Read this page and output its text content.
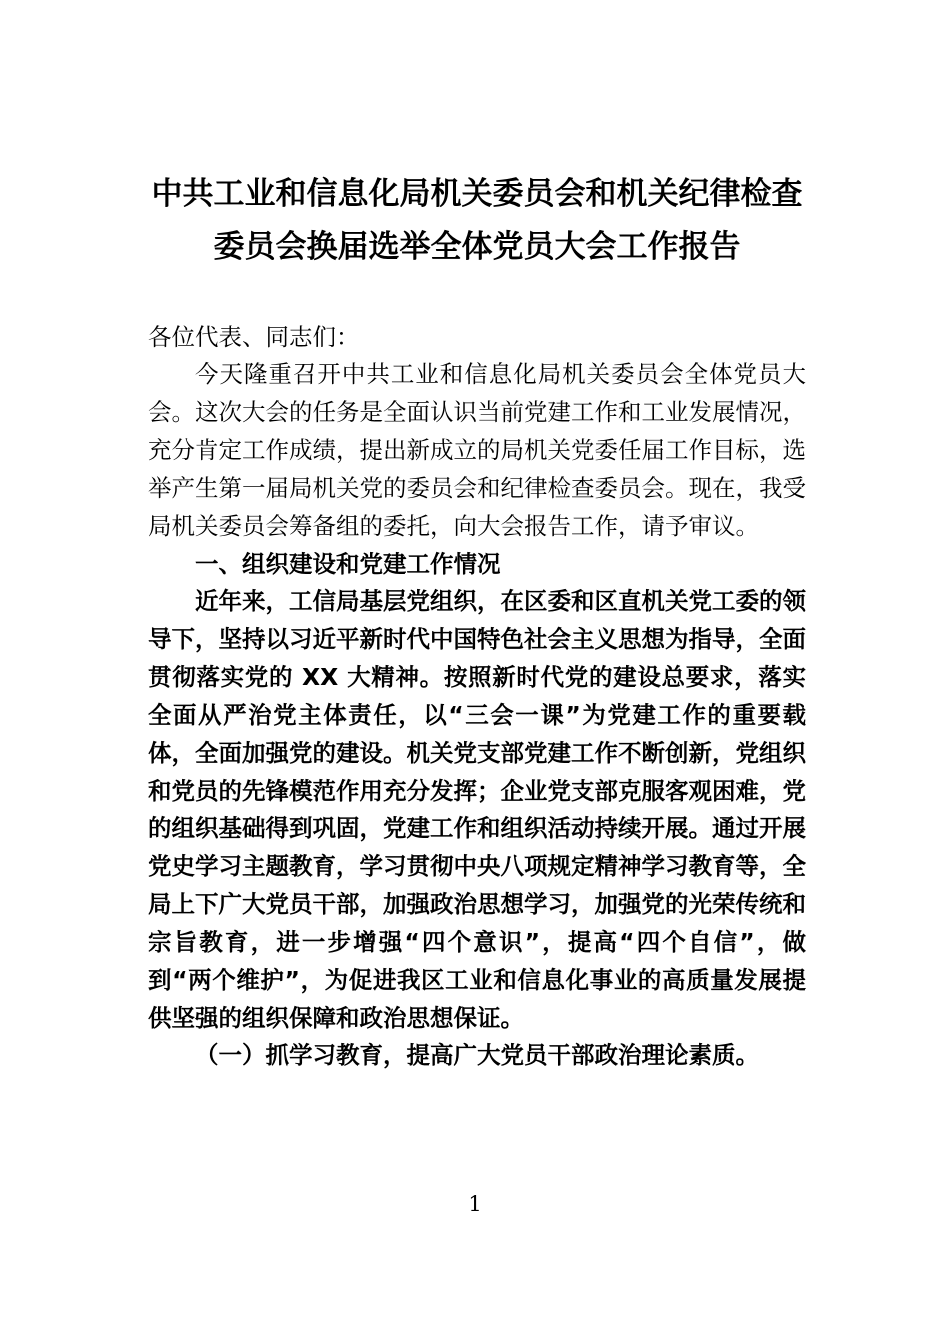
中共工业和信息化局机关委员会和机关纪律检查委员会换届选举全体党员大会工作报告

各位代表、同志们：

今天隆重召开中共工业和信息化局机关委员会全体党员大会。这次大会的任务是全面认识当前党建工作和工业发展情况，充分肯定工作成绩，提出新成立的局机关党委任届工作目标，选举产生第一届局机关党的委员会和纪律检查委员会。现在，我受局机关委员会筹备组的委托，向大会报告工作，请予审议。

一、组织建设和党建工作情况

近年来，工信局基层党组织，在区委和区直机关党工委的领导下，坚持以习近平新时代中国特色社会主义思想为指导，全面贯彻落实党的 XX 大精神。按照新时代党的建设总要求，落实全面从严治党主体责任，以“三会一课”为党建工作的重要载体，全面加强党的建设。机关党支部党建工作不断创新，党组织和党员的先锋模范作用充分发挥；企业党支部克服客观困难，党的组织基础得到巩固，党建工作和组织活动持续开展。通过开展党史学习主题教育，学习贯彻中央八项规定精神学习教育等，全局上下广大党员干部，加强政治思想学习，加强党的光荣传统和宗旨教育，进一步增强“四个意识”，提高“四个自信”，做到“两个维护”，为促进我区工业和信息化事业的高质量发展提供坚强的组织保障和政治思想保证。

（一）抓学习教育，提高广大党员干部政治理论素质。

1
